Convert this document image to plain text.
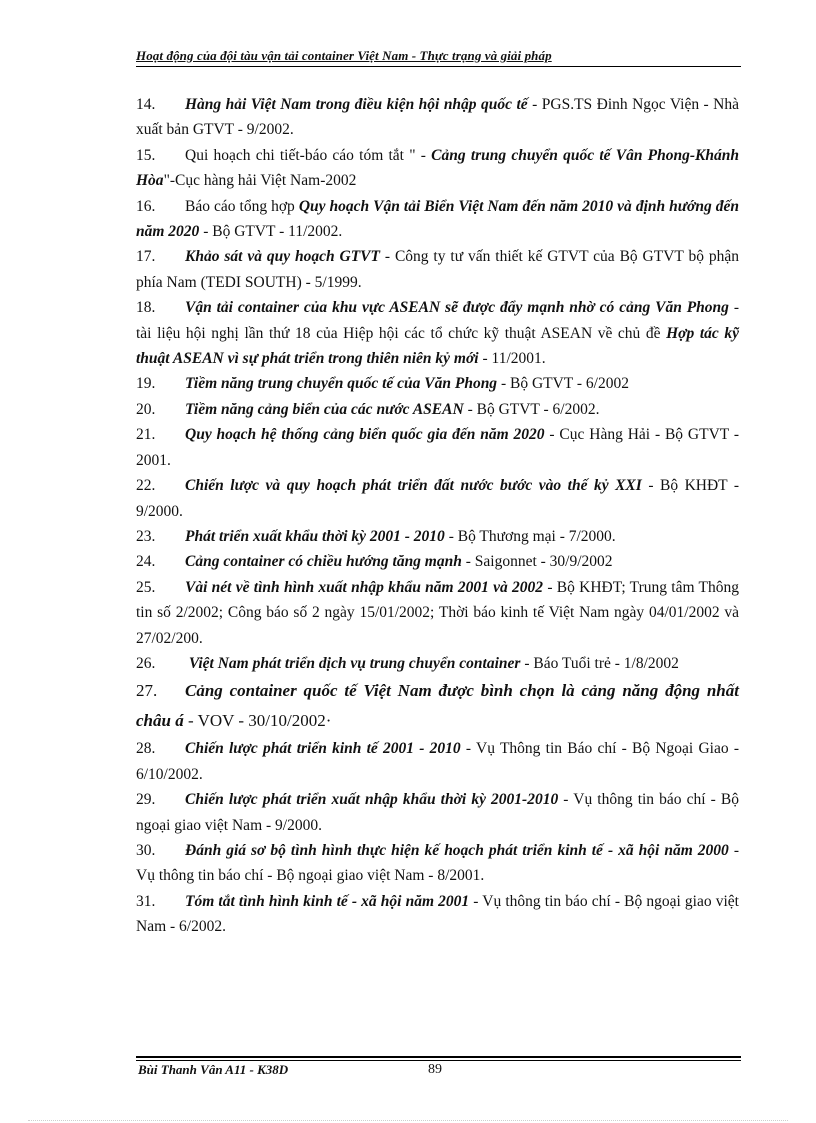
Hoạt động của đội tàu vận tải container Việt Nam - Thực trạng và giải pháp

14. Hàng hải Việt Nam trong điều kiện hội nhập quốc tế - PGS.TS Đinh Ngọc Viện - Nhà xuất bản GTVT - 9/2002.

15. Qui hoạch chi tiết-báo cáo tóm tắt " - Cảng trung chuyển quốc tế Vân Phong-Khánh Hòa"-Cục hàng hải Việt Nam-2002

16. Báo cáo tổng hợp Quy hoạch Vận tải Biển Việt Nam đến năm 2010 và định hướng đến năm 2020 - Bộ GTVT - 11/2002.

17. Khảo sát và quy hoạch GTVT - Công ty tư vấn thiết kế GTVT của Bộ GTVT bộ phận phía Nam (TEDI SOUTH) - 5/1999.

18. Vận tải container của khu vực ASEAN sẽ được đẩy mạnh nhờ có cảng Văn Phong - tài liệu hội nghị lần thứ 18 của Hiệp hội các tổ chức kỹ thuật ASEAN về chủ đề Hợp tác kỹ thuật ASEAN vì sự phát triển trong thiên niên kỷ mới - 11/2001.

19. Tiềm năng trung chuyển quốc tế của Văn Phong - Bộ GTVT - 6/2002

20. Tiềm năng cảng biển của các nước ASEAN - Bộ GTVT - 6/2002.

21. Quy hoạch hệ thống cảng biển quốc gia đến năm 2020 - Cục Hàng Hải - Bộ GTVT - 2001.

22. Chiến lược và quy hoạch phát triển đất nước bước vào thế kỷ XXI - Bộ KHĐT - 9/2000.

23. Phát triển xuất khẩu thời kỳ 2001 - 2010 - Bộ Thương mại - 7/2000.

24. Cảng container có chiều hướng tăng mạnh - Saigonnet - 30/9/2002

25. Vài nét về tình hình xuất nhập khẩu năm 2001 và 2002 - Bộ KHĐT; Trung tâm Thông tin số 2/2002; Công báo số 2 ngày 15/01/2002; Thời báo kinh tế Việt Nam ngày 04/01/2002 và 27/02/200.

26. Việt Nam phát triển dịch vụ trung chuyển container - Báo Tuổi trẻ - 1/8/2002

27. Cảng container quốc tế Việt Nam được bình chọn là cảng năng động nhất châu á - VOV - 30/10/2002·

28. Chiến lược phát triển kinh tế 2001 - 2010 - Vụ Thông tin Báo chí - Bộ Ngoại Giao - 6/10/2002.

29. Chiến lược phát triển xuất nhập khẩu thời kỳ 2001-2010 - Vụ thông tin báo chí - Bộ ngoại giao việt Nam - 9/2000.

30. Đánh giá sơ bộ tình hình thực hiện kế hoạch phát triển kinh tế - xã hội năm 2000 - Vụ thông tin báo chí - Bộ ngoại giao việt Nam - 8/2001.

31. Tóm tắt tình hình kinh tế - xã hội năm 2001 - Vụ thông tin báo chí - Bộ ngoại giao việt Nam - 6/2002.

Bùi Thanh Vân A11 - K38D	89
